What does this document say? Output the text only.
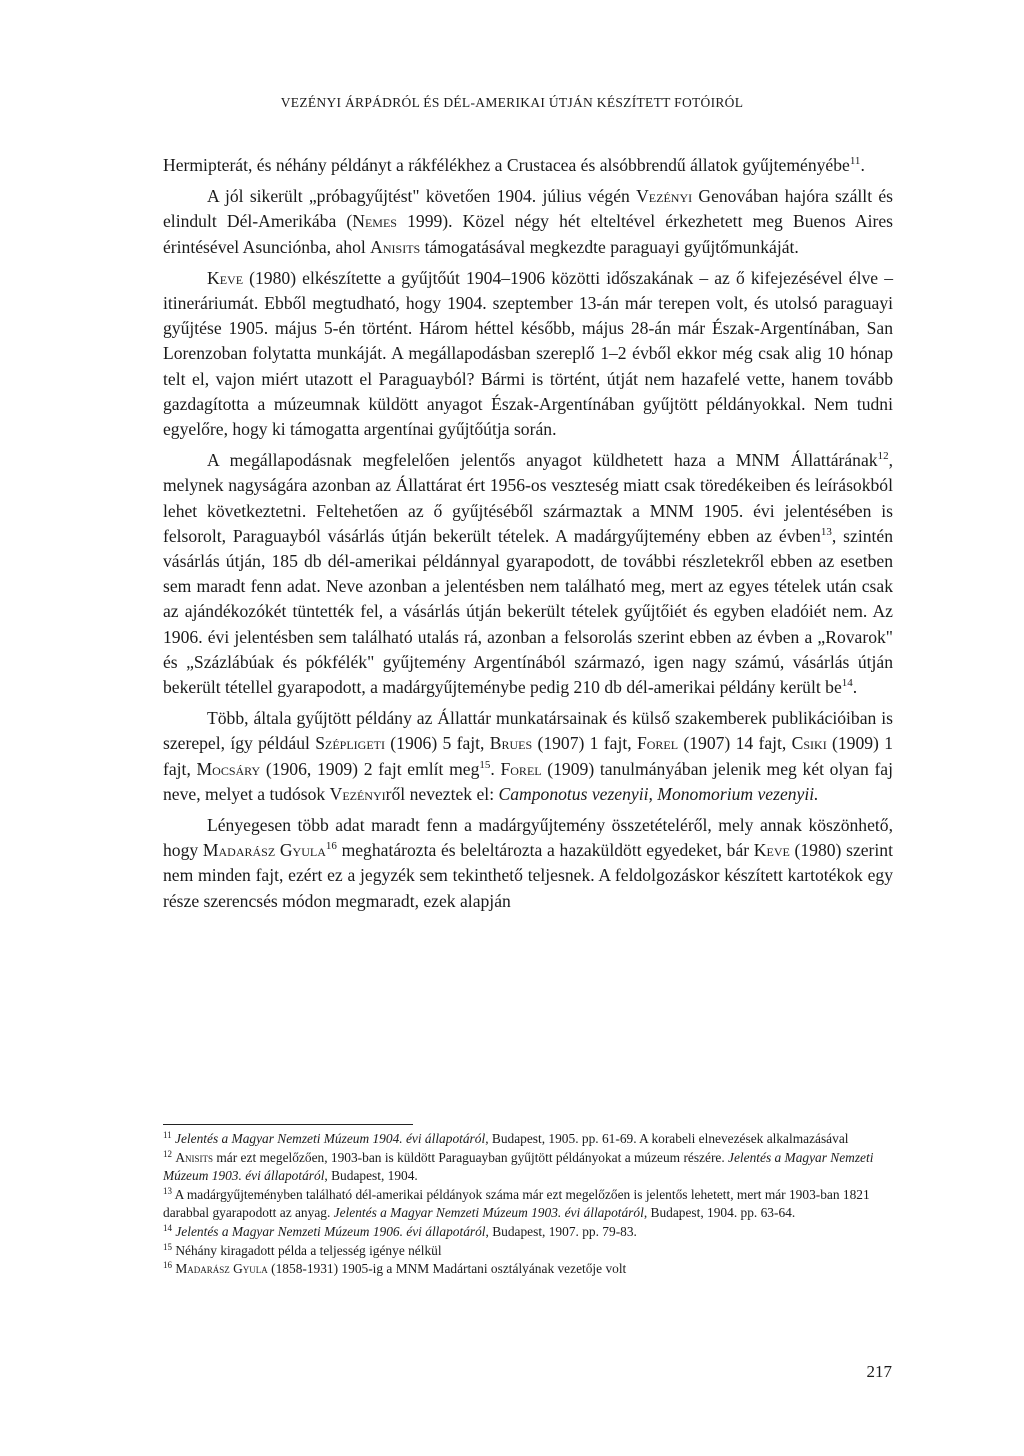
VEZÉNYI ÁRPÁDRÓL ÉS DÉL-AMERIKAI ÚTJÁN KÉSZÍTETT FOTÓIRÓL

Hermipterát, és néhány példányt a rákfélékhez a Crustacea és alsóbbrendű állatok gyűjteményébe$^{11}$.

A jól sikerült „próbagyűjtést" követően 1904. július végén Vezényi Genovában hajóra szállt és elindult Dél-Amerikába (Nemes 1999). Közel négy hét elteltével érkezhetett meg Buenos Aires érintésével Asunciónba, ahol Anisits támogatásával megkezdte paraguayi gyűjtőmunkáját.

Keve (1980) elkészítette a gyűjtőút 1904–1906 közötti időszakának – az ő kifejezésével élve – itineráriumát. Ebből megtudható, hogy 1904. szeptember 13-án már terepen volt, és utolsó paraguayi gyűjtése 1905. május 5-én történt. Három héttel később, május 28-án már Észak-Argentínában, San Lorenzoban folytatta munkáját. A megállapodásban szereplő 1–2 évből ekkor még csak alig 10 hónap telt el, vajon miért utazott el Paraguayból? Bármi is történt, útját nem hazafelé vette, hanem tovább gazdagította a múzeumnak küldött anyagot Észak-Argentínában gyűjtött példányokkal. Nem tudni egyelőre, hogy ki támogatta argentínai gyűjtőútja során.

A megállapodásnak megfelelően jelentős anyagot küldhetett haza a MNM Állattárának$^{12}$, melynek nagyságára azonban az Állattárat ért 1956-os veszteség miatt csak töredékeiben és leírásokból lehet következtetni. Feltehetően az ő gyűjtéséből származtak a MNM 1905. évi jelentésében is felsorolt, Paraguayból vásárlás útján bekerült tételek. A madárgyűjtemény ebben az évben$^{13}$, szintén vásárlás útján, 185 db dél-amerikai példánnyal gyarapodott, de további részletekről ebben az esetben sem maradt fenn adat. Neve azonban a jelentésben nem található meg, mert az egyes tételek után csak az ajándékozókét tüntették fel, a vásárlás útján bekerült tételek gyűjtőiét és egyben eladóiét nem. Az 1906. évi jelentésben sem található utalás rá, azonban a felsorolás szerint ebben az évben a „Rovarok" és „Százlábúak és pókfélék" gyűjtemény Argentínából származó, igen nagy számú, vásárlás útján bekerült tétellel gyarapodott, a madárgyűjteménybe pedig 210 db dél-amerikai példány került $be^{14}$.

Több, általa gyűjtött példány az Állattár munkatársainak és külső szakemberek publikációiban is szerepel, így például Szépligeti (1906) 5 fajt, Brues (1907) 1 fajt, Forel (1907) 14 fajt, Csiki (1909) 1 fajt, Mocsáry (1906, 1909) 2 fajt említ meg$^{15}$. Forel (1909) tanulmányában jelenik meg két olyan faj neve, melyet a tudósok Vezényiről neveztek el: Camponotus vezenyii, Monomorium vezenyii.

Lényegesen több adat maradt fenn a madárgyűjtemény összetételéről, mely annak köszönhető, hogy Madarász Gyula$^{16}$ meghatározta és beleltározta a hazaküldött egyedeket, bár Keve (1980) szerint nem minden fajt, ezért ez a jegyzék sem tekinthető teljesnek. A feldolgozáskor készített kartotékok egy része szerencsés módon megmaradt, ezek alapján

$^{11}$ Jelentés a Magyar Nemzeti Múzeum 1904. évi állapotáról, Budapest, 1905. pp. 61-69. A korabeli elnevezések alkalmazásával

$^{12}$ Anisits már ezt megelőzően, 1903-ban is küldött Paraguayban gyűjtött példányokat a múzeum részére. Jelentés a Magyar Nemzeti Múzeum 1903. évi állapotáról, Budapest, 1904.

$^{13}$ A madárgyűjteményben található dél-amerikai példányok száma már ezt megelőzően is jelentős lehetett, mert már 1903-ban 1821 darabbal gyarapodott az anyag. Jelentés a Magyar Nemzeti Múzeum 1903. évi állapotáról, Budapest, 1904. pp. 63-64.

$^{14}$ Jelentés a Magyar Nemzeti Múzeum 1906. évi állapotáról, Budapest, 1907. pp. 79-83.

$^{15}$ Néhány kiragadott példa a teljesség igénye nélkül

$^{16}$ Madarász Gyula (1858-1931) 1905-ig a MNM Madártani osztályának vezetője volt

217
